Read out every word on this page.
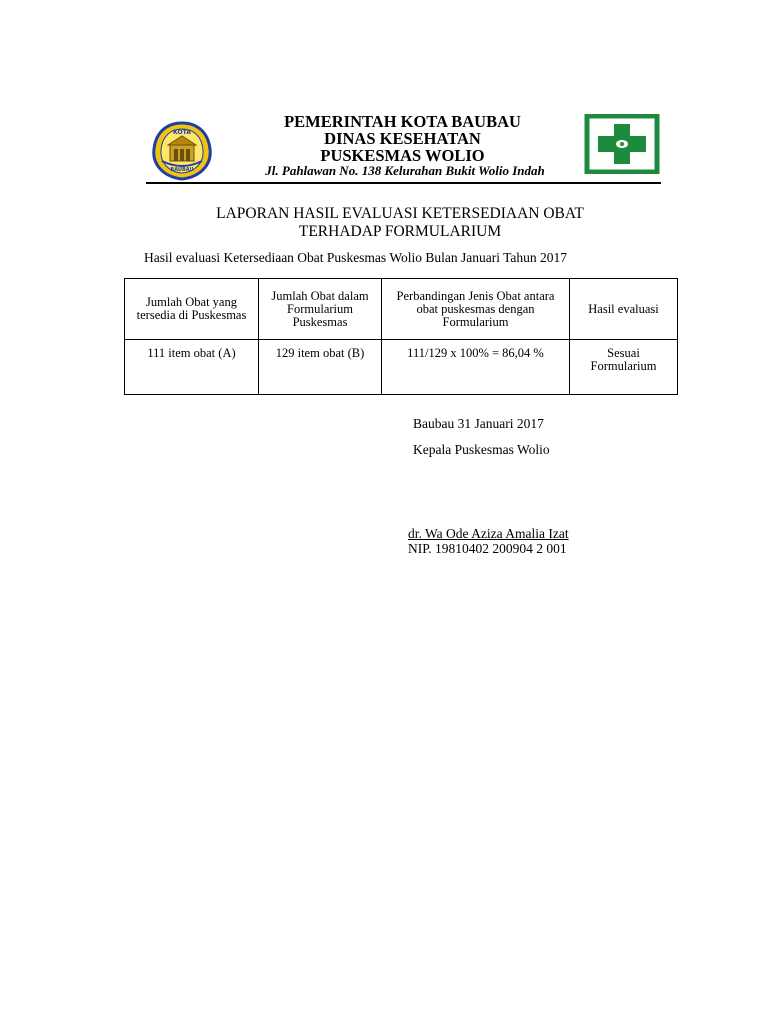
KOTA
BAUBAU
PEMERINTAH KOTA BAUBAU
DINAS KESEHATAN
PUSKESMAS WOLIO
Jl. Pahlawan No. 138 Kelurahan Bukit Wolio Indah
LAPORAN HASIL EVALUASI KETERSEDIAAN OBAT
TERHADAP FORMULARIUM
Hasil evaluasi Ketersediaan Obat Puskesmas Wolio Bulan Januari Tahun 2017
Jumlah Obat yang tersedia di Puskesmas	Jumlah Obat dalam Formularium Puskesmas	Perbandingan Jenis Obat antara obat puskesmas dengan Formularium	Hasil evaluasi
111 item obat (A)	129 item obat (B)	111/129 x 100% = 86,04 %	Sesuai Formularium
Baubau 31 Januari 2017
Kepala Puskesmas Wolio
dr. Wa Ode Aziza Amalia Izat
NIP. 19810402 200904 2 001
